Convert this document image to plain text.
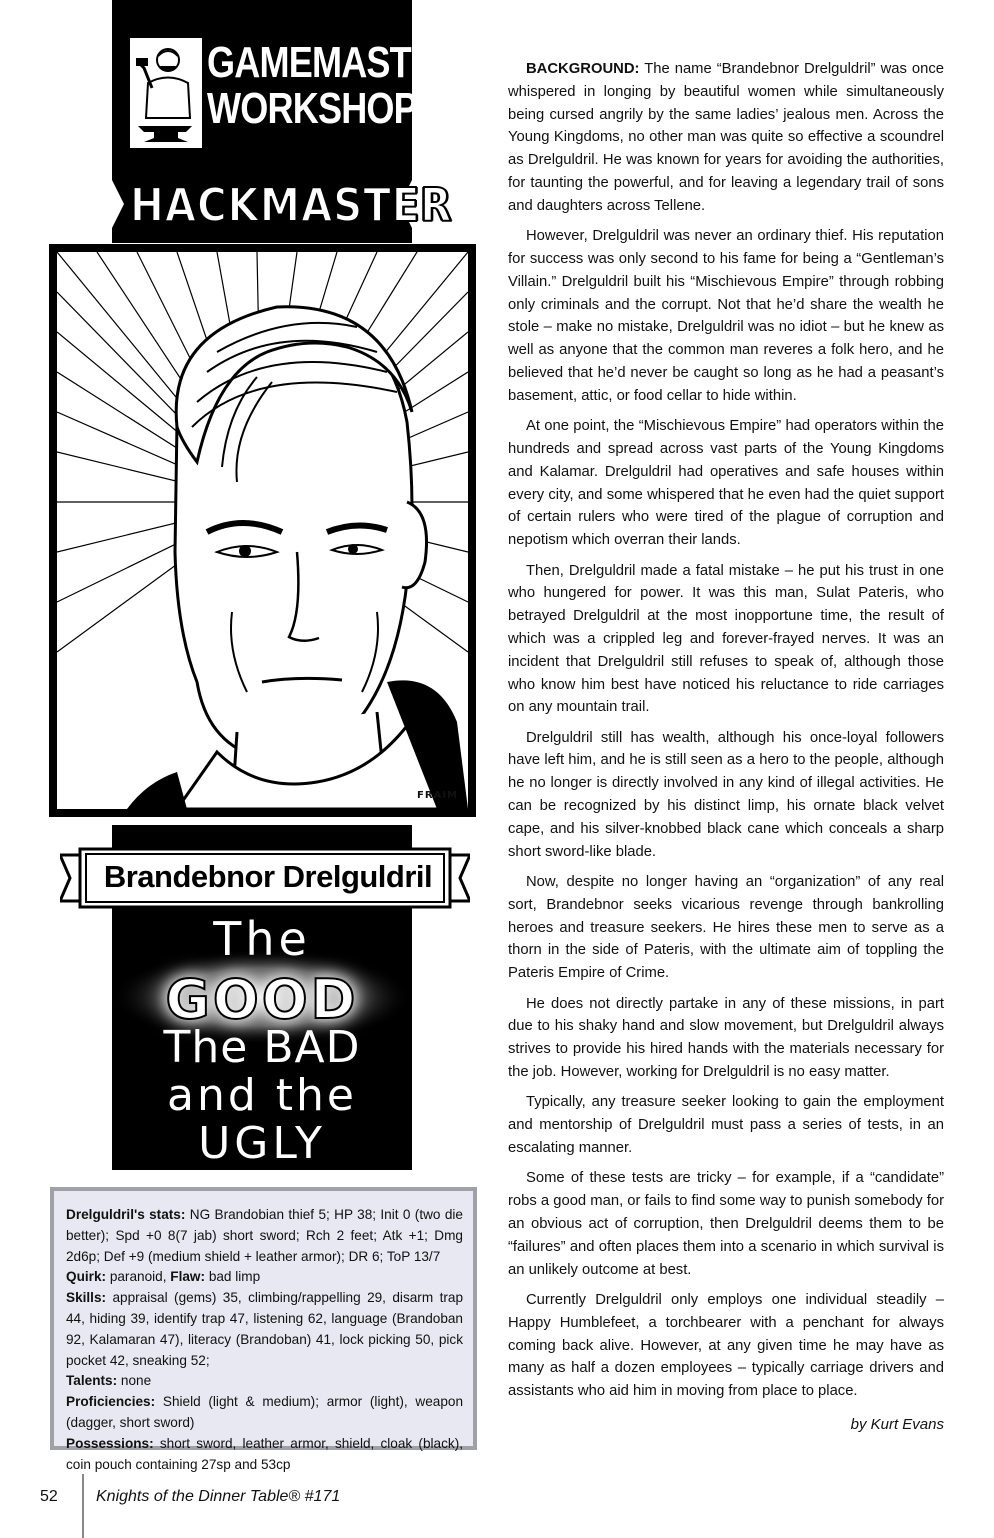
GAMEMASTERS'
WORKSHOP
HACKMASTER
FRAIM
Brandebnor Drelguldril
The
GOOD
The BAD
and the
UGLY

Drelguldril's stats: NG Brandobian thief 5; HP 38; Init 0 (two die better); Spd +0 8(7 jab) short sword; Rch 2 feet; Atk +1; Dmg 2d6p; Def +9 (medium shield + leather armor); DR 6; ToP 13/7

Quirk: paranoid, Flaw: bad limp

Skills: appraisal (gems) 35, climbing/rappelling 29, disarm trap 44, hiding 39, identify trap 47, listening 62, language (Brandoban 92, Kalamaran 47), literacy (Brandoban) 41, lock picking 50, pick pocket 42, sneaking 52;

Talents: none

Proficiencies: Shield (light & medium); armor (light), weapon (dagger, short sword)

Possessions: short sword, leather armor, shield, cloak (black), coin pouch containing 27sp and 53cp

BACKGROUND: The name “Brandebnor Drelguldril” was once whispered in longing by beautiful women while simultaneously being cursed angrily by the same ladies’ jealous men. Across the Young Kingdoms, no other man was quite so effective a scoundrel as Drelguldril. He was known for years for avoiding the authorities, for taunting the powerful, and for leaving a legendary trail of sons and daughters across Tellene.

However, Drelguldril was never an ordinary thief. His reputation for success was only second to his fame for being a “Gentleman’s Villain.” Drelguldril built his “Mischievous Empire” through robbing only criminals and the corrupt. Not that he’d share the wealth he stole – make no mistake, Drelguldril was no idiot – but he knew as well as anyone that the common man reveres a folk hero, and he believed that he’d never be caught so long as he had a peasant’s basement, attic, or food cellar to hide within.

At one point, the “Mischievous Empire” had operators within the hundreds and spread across vast parts of the Young Kingdoms and Kalamar. Drelguldril had operatives and safe houses within every city, and some whispered that he even had the quiet support of certain rulers who were tired of the plague of corruption and nepotism which overran their lands.

Then, Drelguldril made a fatal mistake – he put his trust in one who hungered for power. It was this man, Sulat Pateris, who betrayed Drelguldril at the most inopportune time, the result of which was a crippled leg and forever-frayed nerves. It was an incident that Drelguldril still refuses to speak of, although those who know him best have noticed his reluctance to ride carriages on any mountain trail.

Drelguldril still has wealth, although his once-loyal followers have left him, and he is still seen as a hero to the people, although he no longer is directly involved in any kind of illegal activities. He can be recognized by his distinct limp, his ornate black velvet cape, and his silver-knobbed black cane which conceals a sharp short sword-like blade.

Now, despite no longer having an “organization” of any real sort, Brandebnor seeks vicarious revenge through bankrolling heroes and treasure seekers. He hires these men to serve as a thorn in the side of Pateris, with the ultimate aim of toppling the Pateris Empire of Crime.

He does not directly partake in any of these missions, in part due to his shaky hand and slow movement, but Drelguldril always strives to provide his hired hands with the materials necessary for the job. However, working for Drelguldril is no easy matter.

Typically, any treasure seeker looking to gain the employment and mentorship of Drelguldril must pass a series of tests, in an escalating manner.

Some of these tests are tricky – for example, if a “candidate” robs a good man, or fails to find some way to punish somebody for an obvious act of corruption, then Drelguldril deems them to be “failures” and often places them into a scenario in which survival is an unlikely outcome at best.

Currently Drelguldril only employs one individual steadily – Happy Humblefeet, a torchbearer with a penchant for always coming back alive. However, at any given time he may have as many as half a dozen employees – typically carriage drivers and assistants who aid him in moving from place to place.

by Kurt Evans
52 Knights of the Dinner Table® #171
